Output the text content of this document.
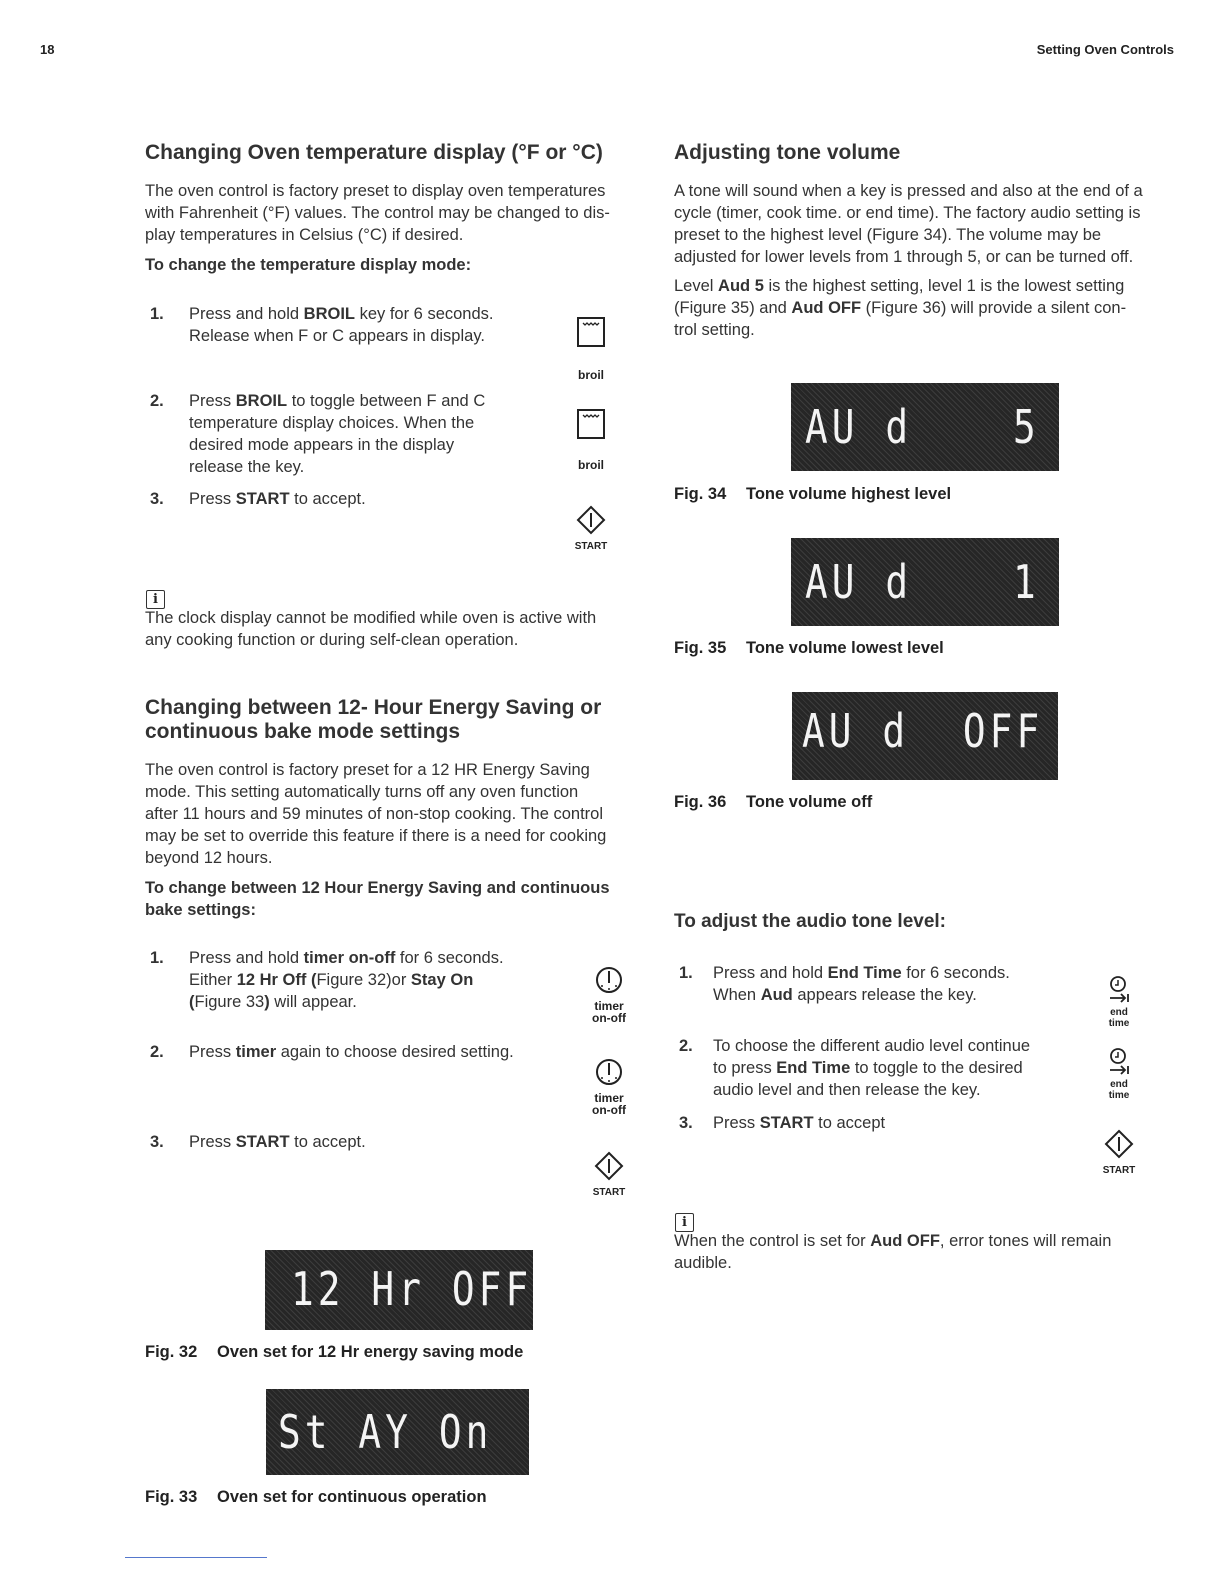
18	Setting Oven Controls
Changing Oven temperature display (°F or °C)
The oven control is factory preset to display oven temperatures
with Fahrenheit (°F) values. The control may be changed to dis-
play temperatures in Celsius (°C) if desired.
To change the temperature display mode:
1. Press and hold BROIL key for 6 seconds.
Release when F or C appears in display.
2. Press BROIL to toggle between F and C
temperature display choices. When the
desired mode appears in the display
release the key.
3. Press START to accept.
broil
broil
START
i
The clock display cannot be modified while oven is active with
any cooking function or during self-clean operation.
Changing between 12- Hour Energy Saving or
continuous bake mode settings
The oven control is factory preset for a 12 HR Energy Saving
mode. This setting automatically turns off any oven function
after 11 hours and 59 minutes of non-stop cooking. The control
may be set to override this feature if there is a need for cooking
beyond 12 hours.
To change between 12 Hour Energy Saving and continuous
bake settings:
1. Press and hold timer on-off for 6 seconds.
Either 12 Hr Off (Figure 32)or Stay On
(Figure 33) will appear.
2. Press timer again to choose desired setting.
3. Press START to accept.
timer
on-off
timer
on-off
START
12 Hr OFF
Fig. 32 Oven set for 12 Hr energy saving mode
St AY On
Fig. 33 Oven set for continuous operation
Adjusting tone volume
A tone will sound when a key is pressed and also at the end of a
cycle (timer, cook time. or end time). The factory audio setting is
preset to the highest level (Figure 34). The volume may be
adjusted for lower levels from 1 through 5, or can be turned off.
Level Aud 5 is the highest setting, level 1 is the lowest setting
(Figure 35) and Aud OFF (Figure 36) will provide a silent con-
trol setting.
AU d 5
Fig. 34 Tone volume highest level
AU d 1
Fig. 35 Tone volume lowest level
AU d  OFF
Fig. 36 Tone volume off
To adjust the audio tone level:
1. Press and hold End Time for 6 seconds.
When Aud appears release the key.
2. To choose the different audio level continue
to press End Time to toggle to the desired
audio level and then release the key.
3. Press START to accept
end
time
end
time
START
i
When the control is set for Aud OFF, error tones will remain
audible.
